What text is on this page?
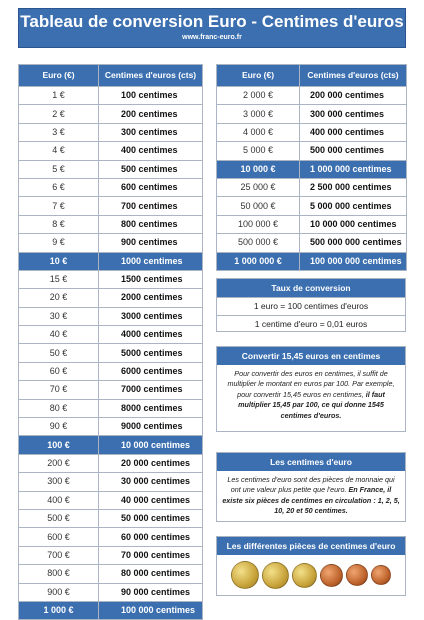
Tableau de conversion Euro - Centimes d'euros
www.franc-euro.fr
Euro (€)	Centimes d'euros (cts)
1 €	100 centimes
2 €	200 centimes
3 €	300 centimes
4 €	400 centimes
5 €	500 centimes
6 €	600 centimes
7 €	700 centimes
8 €	800 centimes
9 €	900 centimes
10 €	1000 centimes
15 €	1500 centimes
20 €	2000 centimes
30 €	3000 centimes
40 €	4000 centimes
50 €	5000 centimes
60 €	6000 centimes
70 €	7000 centimes
80 €	8000 centimes
90 €	9000 centimes
100 €	10 000 centimes
200 €	20 000 centimes
300 €	30 000 centimes
400 €	40 000 centimes
500 €	50 000 centimes
600 €	60 000 centimes
700 €	70 000 centimes
800 €	80 000 centimes
900 €	90 000 centimes
1 000 €	100 000 centimes
Euro (€)	Centimes d'euros (cts)
2 000 €	200 000 centimes
3 000 €	300 000 centimes
4 000 €	400 000 centimes
5 000 €	500 000 centimes
10 000 €	1 000 000 centimes
25 000 €	2 500 000 centimes
50 000 €	5 000 000 centimes
100 000 €	10 000 000 centimes
500 000 €	500 000 000 centimes
1 000 000 €	100 000 000 centimes
Taux de conversion
1 euro = 100 centimes d'euros
1 centime d'euro = 0,01 euros
Convertir 15,45 euros en centimes
Pour convertir des euros en centimes, il suffit de multiplier le montant en euros par 100. Par exemple, pour convertir 15,45 euros en centimes, il faut multiplier 15,45 par 100, ce qui donne 1545 centimes d'euros.
Les centimes d'euro
Les centimes d'euro sont des pièces de monnaie qui ont une valeur plus petite que l'euro. En France, il existe six pièces de centimes en circulation : 1, 2, 5, 10, 20 et 50 centimes.
Les différentes pièces de centimes d'euro
